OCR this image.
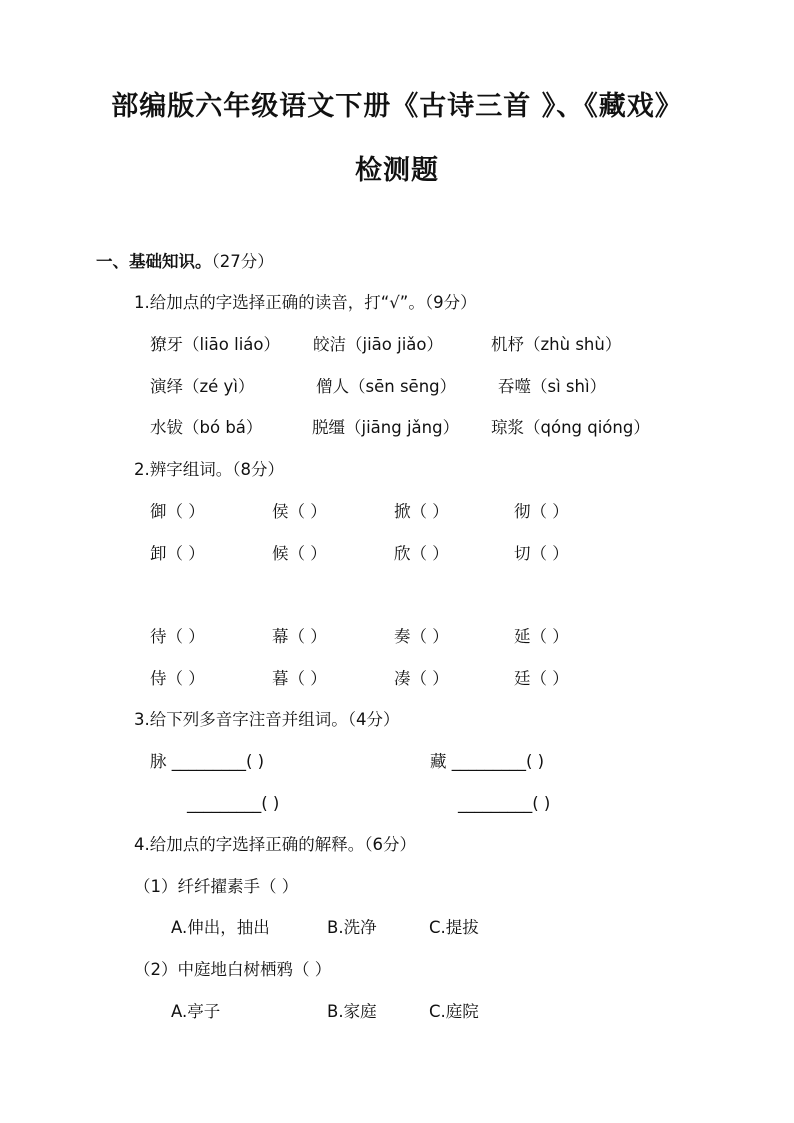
部编版六年级语文下册《古诗三首 》、《藏戏》
检测题
一、基础知识。（27分）
1.给加点的字选择正确的读音，打“√”。（9分）
獠牙（liāo liáo） 皎洁（jiāo jiǎo）	机杼（zhù shù）
演绎（zé yì）	僧人（sēn sēng）	吞噬（sì shì）
水钹（bó bá）	脱缰（jiāng jǎng） 琼浆（qóng qióng）
2.辨字组词。（8分）
御（ ）	侯（ ）	掀（ ）	彻（ ）
卸（ ）	候（ ）	欣（ ）	切（ ）
待（ ）	幕（ ）	奏（ ）	延（ ）
侍（ ）	暮（ ）	凑（ ）	廷（ ）
3.给下列多音字注音并组词。（4分）
脉 _________( )	藏 _________( )
_________( )	_________( )
4.给加点的字选择正确的解释。（6分）
（1）纤纤擢素手（ ）
A.伸出，抽出	B.洗净	C.提拔
（2）中庭地白树栖鸦（ ）
A.亭子	B.家庭	C.庭院
